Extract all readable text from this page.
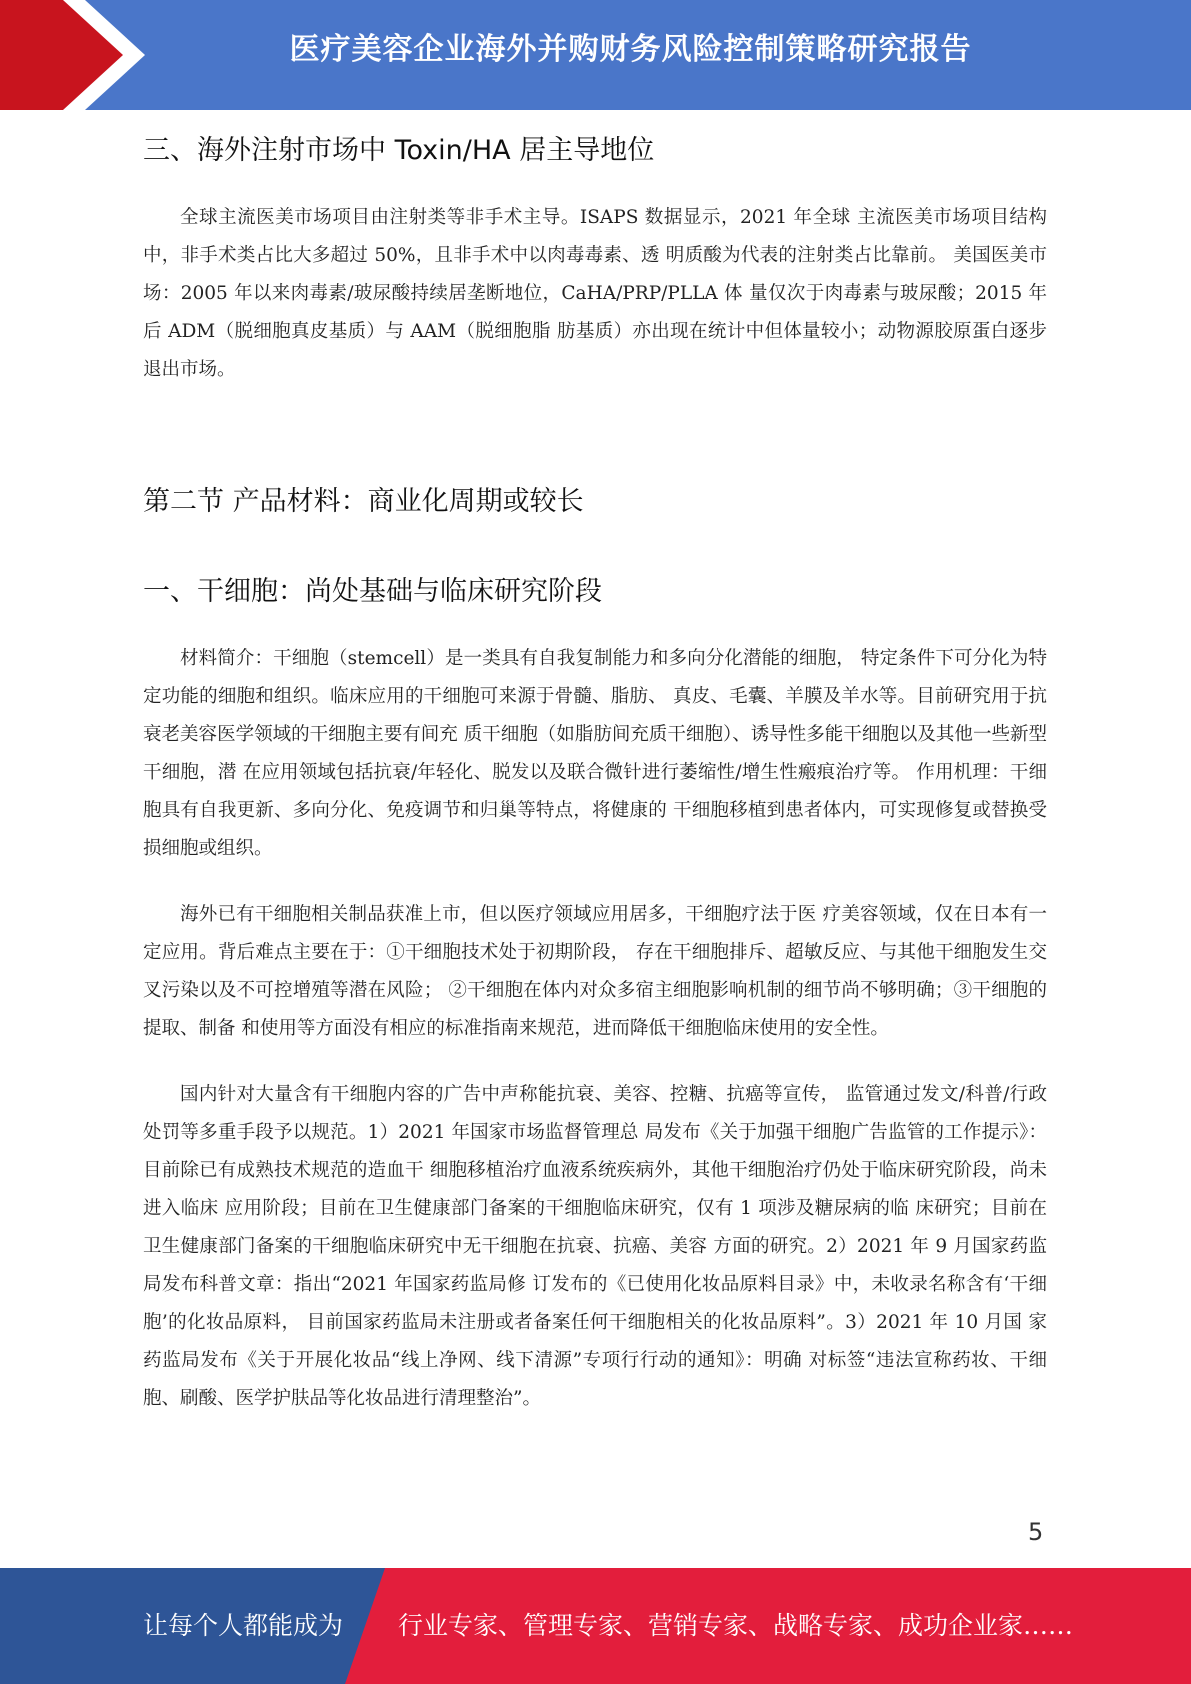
医疗美容企业海外并购财务风险控制策略研究报告
三、海外注射市场中 Toxin/HA 居主导地位

全球主流医美市场项目由注射类等非手术主导。ISAPS 数据显示，2021 年全球 主流医美市场项目结构中，非手术类占比大多超过 50%，且非手术中以肉毒毒素、透 明质酸为代表的注射类占比靠前。 美国医美市场：2005 年以来肉毒素/玻尿酸持续居垄断地位，CaHA/PRP/PLLA 体 量仅次于肉毒素与玻尿酸；2015 年后 ADM（脱细胞真皮基质）与 AAM（脱细胞脂 肪基质）亦出现在统计中但体量较小；动物源胶原蛋白逐步退出市场。

第二节 产品材料：商业化周期或较长
一、干细胞：尚处基础与临床研究阶段

材料简介：干细胞（stemcell）是一类具有自我复制能力和多向分化潜能的细胞， 特定条件下可分化为特定功能的细胞和组织。临床应用的干细胞可来源于骨髓、脂肪、 真皮、毛囊、羊膜及羊水等。目前研究用于抗衰老美容医学领域的干细胞主要有间充 质干细胞（如脂肪间充质干细胞）、诱导性多能干细胞以及其他一些新型干细胞，潜 在应用领域包括抗衰/年轻化、脱发以及联合微针进行萎缩性/增生性瘢痕治疗等。 作用机理：干细胞具有自我更新、多向分化、免疫调节和归巢等特点，将健康的 干细胞移植到患者体内，可实现修复或替换受损细胞或组织。

海外已有干细胞相关制品获准上市，但以医疗领域应用居多，干细胞疗法于医 疗美容领域，仅在日本有一定应用。背后难点主要在于：①干细胞技术处于初期阶段， 存在干细胞排斥、超敏反应、与其他干细胞发生交叉污染以及不可控增殖等潜在风险； ②干细胞在体内对众多宿主细胞影响机制的细节尚不够明确；③干细胞的提取、制备 和使用等方面没有相应的标准指南来规范，进而降低干细胞临床使用的安全性。

国内针对大量含有干细胞内容的广告中声称能抗衰、美容、控糖、抗癌等宣传， 监管通过发文/科普/行政处罚等多重手段予以规范。1）2021 年国家市场监督管理总 局发布《关于加强干细胞广告监管的工作提示》：目前除已有成熟技术规范的造血干 细胞移植治疗血液系统疾病外，其他干细胞治疗仍处于临床研究阶段，尚未进入临床 应用阶段；目前在卫生健康部门备案的干细胞临床研究，仅有 1 项涉及糖尿病的临 床研究；目前在卫生健康部门备案的干细胞临床研究中无干细胞在抗衰、抗癌、美容 方面的研究。2）2021 年 9 月国家药监局发布科普文章：指出“2021 年国家药监局修 订发布的《已使用化妆品原料目录》中，未收录名称含有‘干细胞’的化妆品原料， 目前国家药监局未注册或者备案任何干细胞相关的化妆品原料”。3）2021 年 10 月国 家药监局发布《关于开展化妆品“线上净网、线下清源”专项行行动的通知》：明确 对标签“违法宣称药妆、干细胞、刷酸、医学护肤品等化妆品进行清理整治”。

5
让每个人都能成为 行业专家、管理专家、营销专家、战略专家、成功企业家……
